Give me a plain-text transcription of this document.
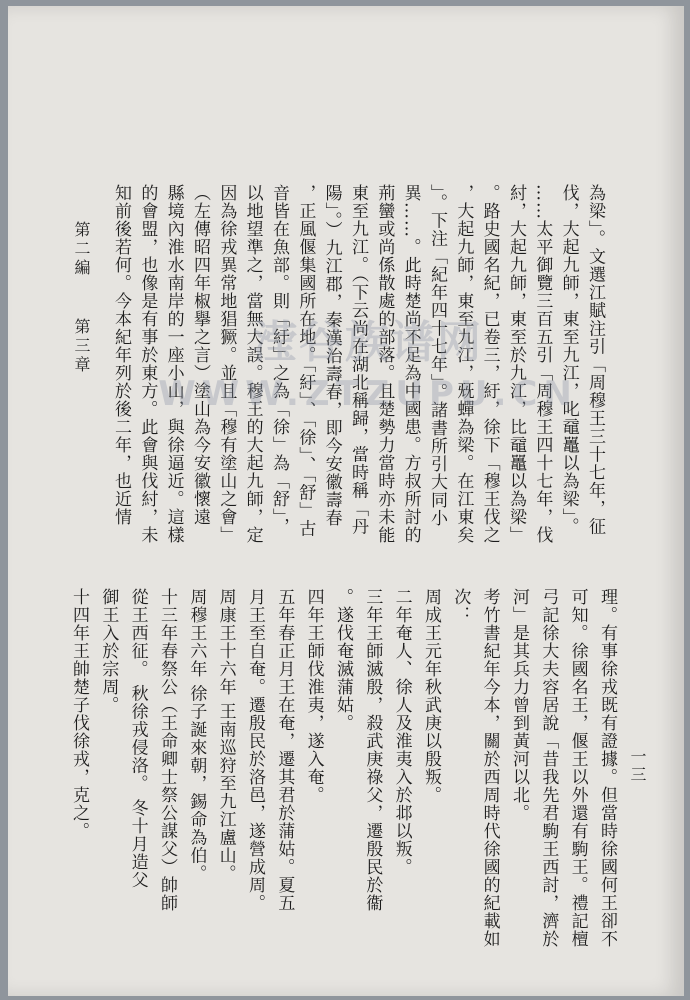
為梁」。文選江賦注引「周穆王三十七年，征
伐，大起九師，東至九江，叱黿鼉以為梁」。
……太平御覽三百五引「周穆王四十七年，伐
紂，大起九師，東至於九江，比黿鼉以為梁」
。路史國名紀，已卷三，紆，徐下「穆王伐之
，大起九師，東至九江，兓蟬為梁。在江東矣
」。下注「紀年四十七年」。諸書所引大同小
異……。此時楚尚不足為中國患。方叔所討的
荊蠻或尚係散處的部落。且楚勢力當時亦未能
東至九江。（下云尚在湖北稱歸，當時稱「丹
陽」。）九江郡，秦漢治壽春，即今安徽壽春
，正風偃集國所在地。「紆」、「徐」、「舒」古
音皆在魚部。則「紆」之為「徐」為「舒」，
以地望準之，當無大誤。穆王的大起九師，定
因為徐戎異常地猖獗。並且「穆有塗山之會」
（左傳昭四年椒擧之言）塗山為今安徽懷遠
縣境內淮水南岸的一座小山，與徐逼近。這樣
的會盟，也像是有事於東方。此會與伐紂，未
知前後若何。今本紀年列於後二年，也近情
理。有事徐戎既有證據。但當時徐國何王卻不
可知。徐國名王，偃王以外還有駒王。禮記檀
弓記徐大夫容居說「昔我先君駒王西討，濟於
河」是其兵力曾到黃河以北。
考竹書紀年今本，關於西周時代徐國的紀載如
次：
周成王元年秋武庚以殷叛。
二年奄人、徐人及淮夷入於邶以叛。
三年王師滅殷，殺武庚祿父，遷殷民於衞
。遂伐奄滅蒲姑。
四年王師伐淮夷，遂入奄。
五年春正月王在奄，遷其君於蒲姑。夏五
月王至自奄。遷殷民於洛邑，遂營成周。
周康王十六年 王南巡狩至九江盧山。
周穆王六年 徐子誕來朝，錫命為伯。
十三年春祭公（王命卿士祭公謀父）帥師
從王西征。 秋徐戎侵洛。 冬十月造父
御王入於宗周。
十四年王帥楚子伐徐戎，克之。
第二編
第三章
一三
滢谷族谱网
WWW.ZTZUPU.CN
